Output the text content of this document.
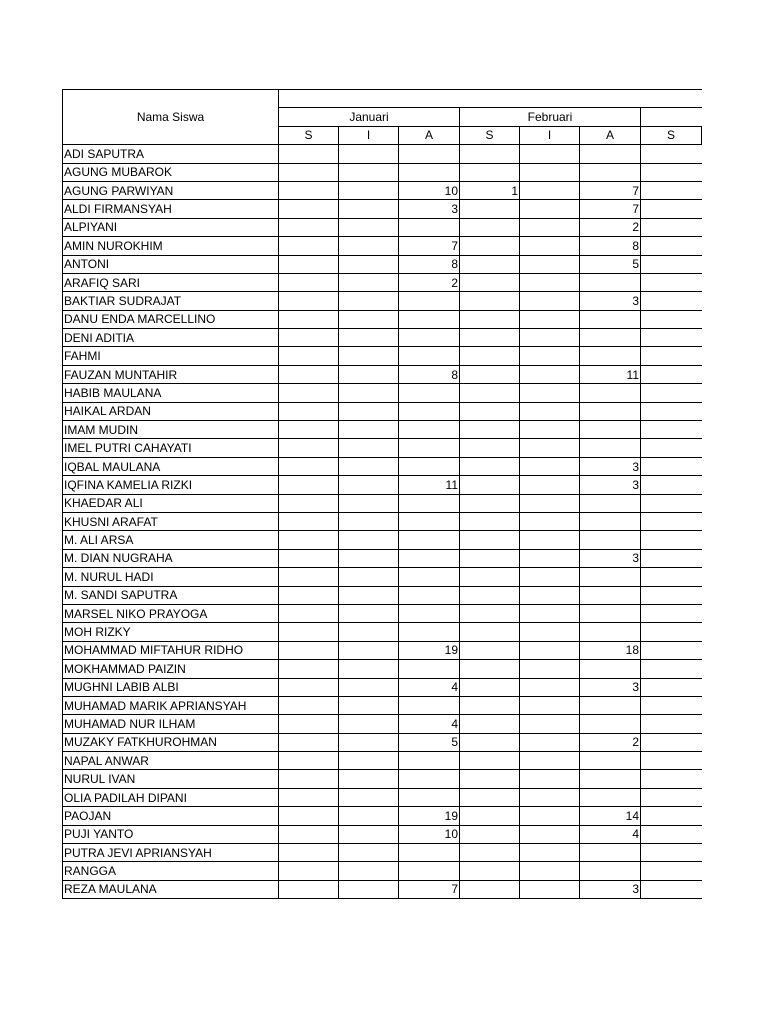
Nama Siswa							
	Januari			Februari			
	S	I	A	S	I	A	S
ADI SAPUTRA							
AGUNG MUBAROK							
AGUNG PARWIYAN			10	1		7	
ALDI FIRMANSYAH			3			7	
ALPIYANI						2	
AMIN NUROKHIM			7			8	
ANTONI			8			5	
ARAFIQ SARI			2				
BAKTIAR SUDRAJAT						3	
DANU ENDA MARCELLINO							
DENI ADITIA							
FAHMI							
FAUZAN MUNTAHIR			8			11	
HABIB MAULANA							
HAIKAL ARDAN							
IMAM MUDIN							
IMEL PUTRI CAHAYATI							
IQBAL MAULANA						3	
IQFINA KAMELIA RIZKI			11			3	
KHAEDAR ALI							
KHUSNI ARAFAT							
M. ALI ARSA							
M. DIAN NUGRAHA						3	
M. NURUL HADI							
M. SANDI SAPUTRA							
MARSEL NIKO PRAYOGA							
MOH RIZKY							
MOHAMMAD MIFTAHUR RIDHO			19			18	
MOKHAMMAD PAIZIN							
MUGHNI LABIB ALBI			4			3	
MUHAMAD MARIK APRIANSYAH							
MUHAMAD NUR ILHAM			4				
MUZAKY FATKHUROHMAN			5			2	
NAPAL ANWAR							
NURUL IVAN							
OLIA PADILAH DIPANI							
PAOJAN			19			14	
PUJI YANTO			10			4	
PUTRA JEVI APRIANSYAH							
RANGGA							
REZA MAULANA			7			3	
